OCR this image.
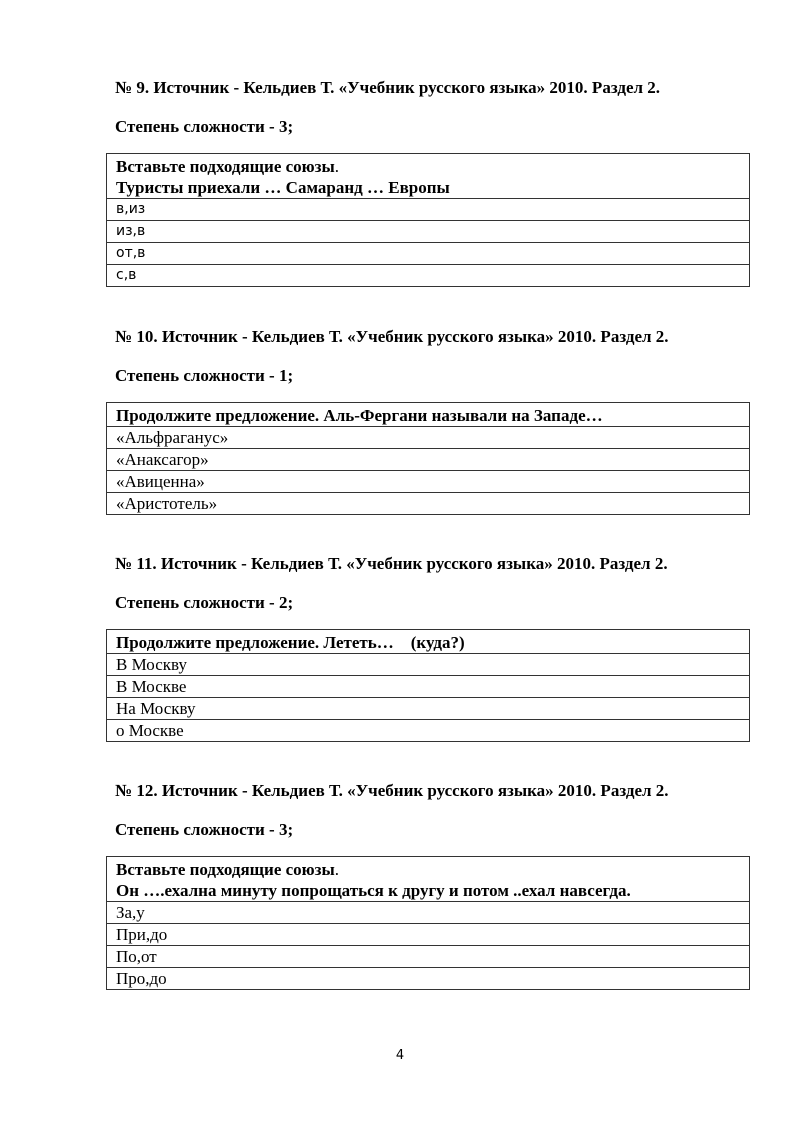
№ 9. Источник - Кельдиев Т. «Учебник русского языка» 2010. Раздел 2.
Степень сложности - 3;
Вставьте подходящие союзы.
Туристы приехали … Самаранд … Европы
в,из
из,в
от,в
с,в
№ 10. Источник - Кельдиев Т. «Учебник русского языка» 2010. Раздел 2.
Степень сложности - 1;
Продолжите предложение. Аль-Фергани называли на Западе…
«Альфраганус»
«Анаксагор»
«Авиценна»
«Аристотель»
№ 11. Источник - Кельдиев Т. «Учебник русского языка» 2010. Раздел 2.
Степень сложности - 2;
Продолжите предложение. Лететь…    (куда?)
В Москву
В Москве
На Москву
о Москве
№ 12. Источник - Кельдиев Т. «Учебник русского языка» 2010. Раздел 2.
Степень сложности - 3;
Вставьте подходящие союзы.
Он ….ехална минуту попрощаться к другу и потом ..ехал навсегда.
За,у
При,до
По,от
Про,до
4
